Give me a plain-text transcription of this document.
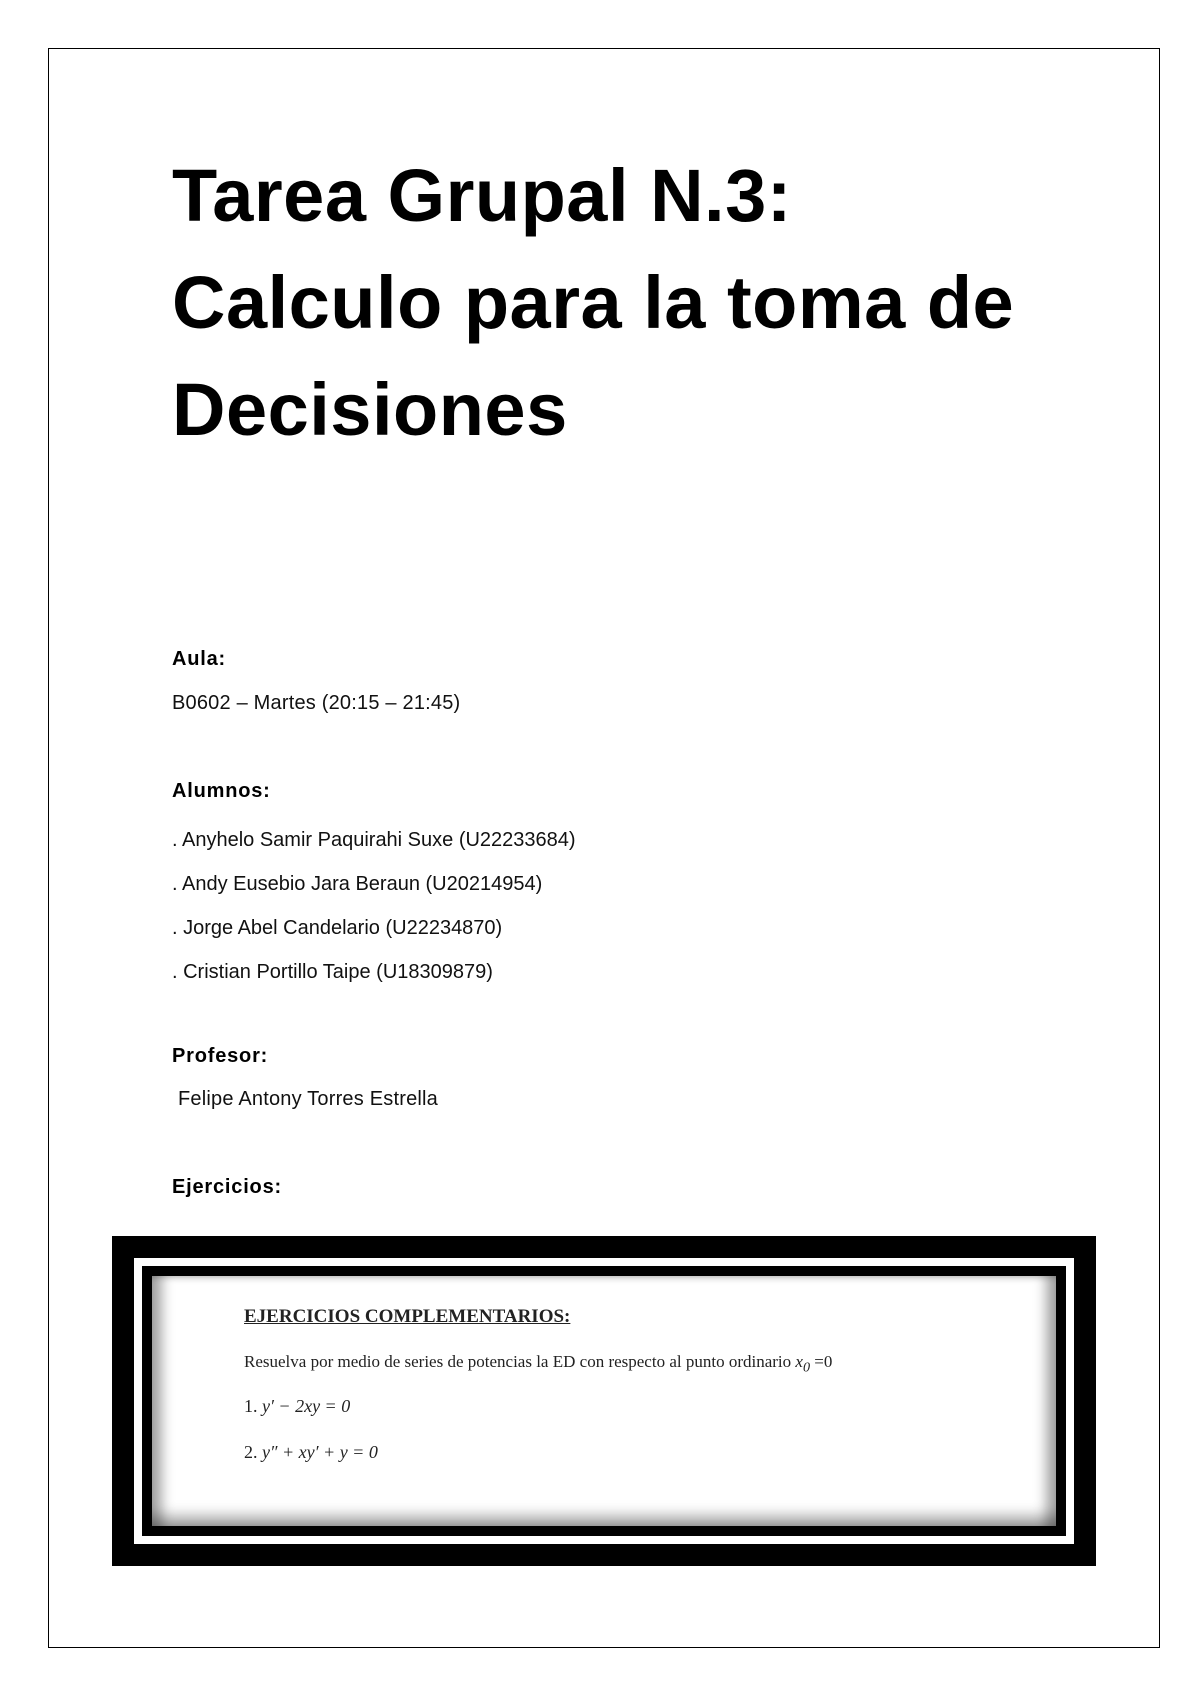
Tarea Grupal N.3:
Calculo para la toma de
Decisiones
Aula:
B0602 – Martes (20:15 – 21:45)
Alumnos:
. Anyhelo Samir Paquirahi Suxe (U22233684)
. Andy Eusebio Jara Beraun (U20214954)
. Jorge Abel Candelario (U22234870)
. Cristian Portillo Taipe (U18309879)
Profesor:
Felipe Antony Torres Estrella
Ejercicios:
EJERCICIOS COMPLEMENTARIOS:
Resuelva por medio de series de potencias la ED con respecto al punto ordinario $x_0 =0$
1. y′ − 2xy = 0
2. y″ + xy′ + y = 0
